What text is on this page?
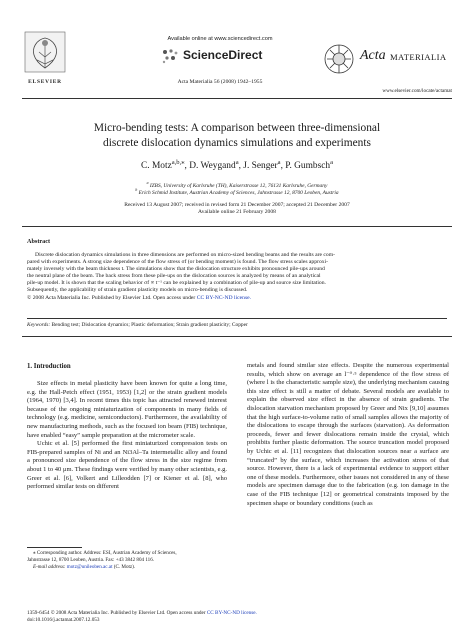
ELSEVIER
Available online at www.sciencedirect.com
ScienceDirect
Acta Materialia 56 (2008) 1942–1955
Acta MATERIALIA
www.elsevier.com/locate/actamat
Micro-bending tests: A comparison between three-dimensional
discrete dislocation dynamics simulations and experiments
C. Motz$^{a,b,⁎}$, D. Weygand$^a$, J. Senger$^a$, P. Gumbsch$^a$
$^a$ IZBS, University of Karlsruhe (TH), Kaiserstrasse 12, 76131 Karlsruhe, Germany
$^b$ Erich Schmid Institute, Austrian Academy of Sciences, Jahnstrasse 12, 8700 Leoben, Austria
Received 13 August 2007; received in revised form 21 December 2007; accepted 21 December 2007
Available online 21 February 2008
Abstract
Discrete dislocation dynamics simulations in three dimensions are performed on micro-sized bending beams and the results are com-
pared with experiments. A strong size dependence of the flow stress σf (or bending moment) is found. The flow stress scales approxi-
mately inversely with the beam thickness t. The simulations show that the dislocation structure exhibits pronounced pile-ups around
the neutral plane of the beam. The back stress from these pile-ups on the dislocation sources is analyzed by means of an analytical
pile-up model. It is shown that the scaling behavior σf ∝ t⁻¹ can be explained by a combination of pile-up and source size limitation.
Subsequently, the applicability of strain gradient plasticity models on micro-bending is discussed.
© 2008 Acta Materialia Inc. Published by Elsevier Ltd. Open access under CC BY-NC-ND license.
Keywords: Bending test; Dislocation dynamics; Plastic deformation; Strain gradient plasticity; Copper
1. Introduction

Size effects in metal plasticity have been known for quite a long time, e.g. the Hall-Petch effect (1951, 1953) [1,2] or the strain gradient models (1964, 1970) [3,4]. In recent times this topic has attracted renewed interest because of the ongoing miniaturization of components in many fields of technology (e.g. medicine, semiconductors). Furthermore, the availability of new manufacturing methods, such as the focused ion beam (FIB) technique, have enabled “easy” sample preparation at the micrometer scale.

Uchic et al. [5] performed the first miniaturized compression tests on FIB-prepared samples of Ni and an Ni3Al–Ta intermetallic alloy and found a pronounced size dependence of the flow stress in the size regime from about 1 to 40 μm. These findings were verified by many other scientists, e.g. Greer et al. [6], Volkert and Lilleodden [7] or Kiener et al. [8], who performed similar tests on different

metals and found similar size effects. Despite the numerous experimental results, which show on average an l⁻⁰·⁵ dependence of the flow stress σf (where l is the characteristic sample size), the underlying mechanism causing this size effect is still a matter of debate. Several models are available to explain the observed size effect in the absence of strain gradients. The dislocation starvation mechanism proposed by Greer and Nix [9,10] assumes that the high surface-to-volume ratio of small samples allows the majority of the dislocations to escape through the surfaces (starvation). As deformation proceeds, fewer and fewer dislocations remain inside the crystal, which prohibits further plastic deformation. The source truncation model proposed by Uchic et al. [11] recognizes that dislocation sources near a surface are “truncated” by the surface, which increases the activation stress of that source. However, there is a lack of experimental evidence to support either one of these models. Furthermore, other issues not considered in any of these models are specimen damage due to the fabrication (e.g. ion damage in the case of the FIB technique [12] or geometrical constraints imposed by the specimen shape or boundary conditions (such as

⁎ Corresponding author. Address: ESI, Austrian Academy of Sciences,
Jahnstrasse 12, 8700 Leoben, Austria. Fax: +43 3842 804 116.
E-mail address: motz@unileoben.ac.at (C. Motz).
1359-6454 © 2008 Acta Materialia Inc. Published by Elsevier Ltd. Open access under CC BY-NC-ND license.
doi:10.1016/j.actamat.2007.12.053
